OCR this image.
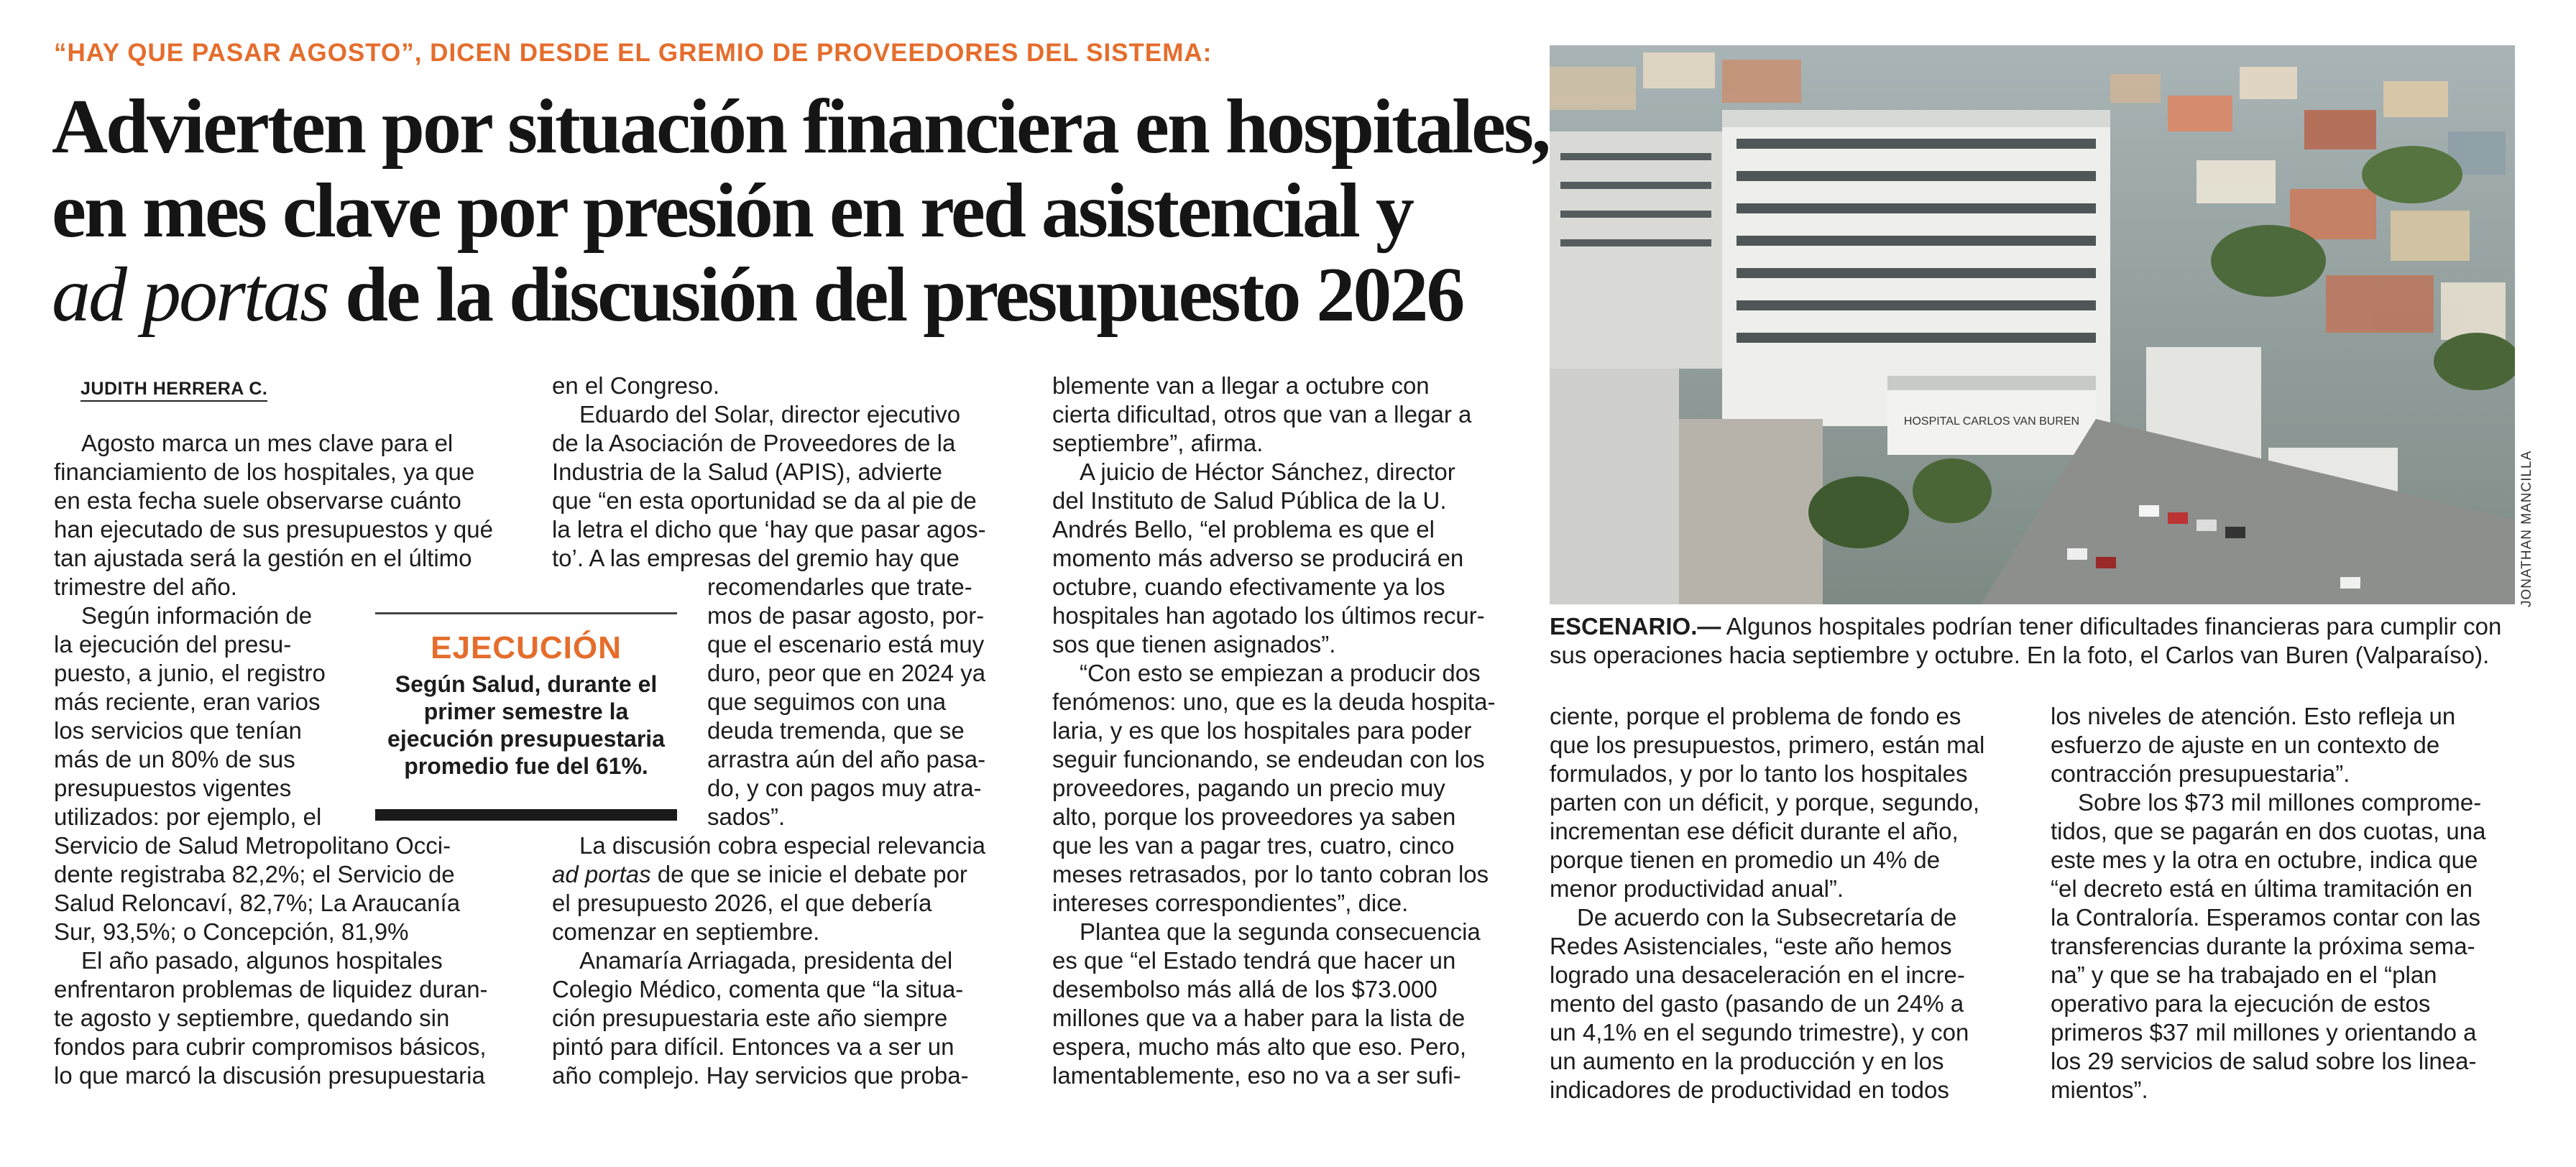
“HAY QUE PASAR AGOSTO”, DICEN DESDE EL GREMIO DE PROVEEDORES DEL SISTEMA:
Advierten por situación financiera en hospitales,
en mes clave por presión en red asistencial y
ad portas de la discusión del presupuesto 2026
JUDITH HERRERA C.

Agosto marca un mes clave para el
financiamiento de los hospitales, ya que
en esta fecha suele observarse cuánto
han ejecutado de sus presupuestos y qué
tan ajustada será la gestión en el último
trimestre del año.

Según información de
la ejecución del presu-
puesto, a junio, el registro
más reciente, eran varios
los servicios que tenían
más de un 80% de sus
presupuestos vigentes
utilizados: por ejemplo, el
Servicio de Salud Metropolitano Occi-
dente registraba 82,2%; el Servicio de
Salud Reloncaví, 82,7%; La Araucanía
Sur, 93,5%; o Concepción, 81,9%

El año pasado, algunos hospitales
enfrentaron problemas de liquidez duran-
te agosto y septiembre, quedando sin
fondos para cubrir compromisos básicos,
lo que marcó la discusión presupuestaria

en el Congreso.

Eduardo del Solar, director ejecutivo
de la Asociación de Proveedores de la
Industria de la Salud (APIS), advierte
que “en esta oportunidad se da al pie de
la letra el dicho que ‘hay que pasar agos-
to’. A las empresas del gremio hay que

recomendarles que trate-
mos de pasar agosto, por-
que el escenario está muy
duro, peor que en 2024 ya
que seguimos con una
deuda tremenda, que se
arrastra aún del año pasa-
do, y con pagos muy atra-
sados”.

La discusión cobra especial relevancia
ad portas de que se inicie el debate por
el presupuesto 2026, el que debería
comenzar en septiembre.

Anamaría Arriagada, presidenta del
Colegio Médico, comenta que “la situa-
ción presupuestaria este año siempre
pintó para difícil. Entonces va a ser un
año complejo. Hay servicios que proba-

EJECUCIÓN
Según Salud, durante el
primer semestre la
ejecución presupuestaria
promedio fue del 61%.

blemente van a llegar a octubre con
cierta dificultad, otros que van a llegar a
septiembre”, afirma.

A juicio de Héctor Sánchez, director
del Instituto de Salud Pública de la U.
Andrés Bello, “el problema es que el
momento más adverso se producirá en
octubre, cuando efectivamente ya los
hospitales han agotado los últimos recur-
sos que tienen asignados”.

“Con esto se empiezan a producir dos
fenómenos: uno, que es la deuda hospita-
laria, y es que los hospitales para poder
seguir funcionando, se endeudan con los
proveedores, pagando un precio muy
alto, porque los proveedores ya saben
que les van a pagar tres, cuatro, cinco
meses retrasados, por lo tanto cobran los
intereses correspondientes”, dice.

Plantea que la segunda consecuencia
es que “el Estado tendrá que hacer un
desembolso más allá de los $73.000
millones que va a haber para la lista de
espera, mucho más alto que eso. Pero,
lamentablemente, eso no va a ser sufi-

HOSPITAL CARLOS VAN BUREN
JONATHAN MANCILLA
ESCENARIO.— Algunos hospitales podrían tener dificultades financieras para cumplir con
sus operaciones hacia septiembre y octubre. En la foto, el Carlos van Buren (Valparaíso).

ciente, porque el problema de fondo es
que los presupuestos, primero, están mal
formulados, y por lo tanto los hospitales
parten con un déficit, y porque, segundo,
incrementan ese déficit durante el año,
porque tienen en promedio un 4% de
menor productividad anual”.

De acuerdo con la Subsecretaría de
Redes Asistenciales, “este año hemos
logrado una desaceleración en el incre-
mento del gasto (pasando de un 24% a
un 4,1% en el segundo trimestre), y con
un aumento en la producción y en los
indicadores de productividad en todos

los niveles de atención. Esto refleja un
esfuerzo de ajuste en un contexto de
contracción presupuestaria”.

Sobre los $73 mil millones comprome-
tidos, que se pagarán en dos cuotas, una
este mes y la otra en octubre, indica que
“el decreto está en última tramitación en
la Contraloría. Esperamos contar con las
transferencias durante la próxima sema-
na” y que se ha trabajado en el “plan
operativo para la ejecución de estos
primeros $37 mil millones y orientando a
los 29 servicios de salud sobre los linea-
mientos”.
